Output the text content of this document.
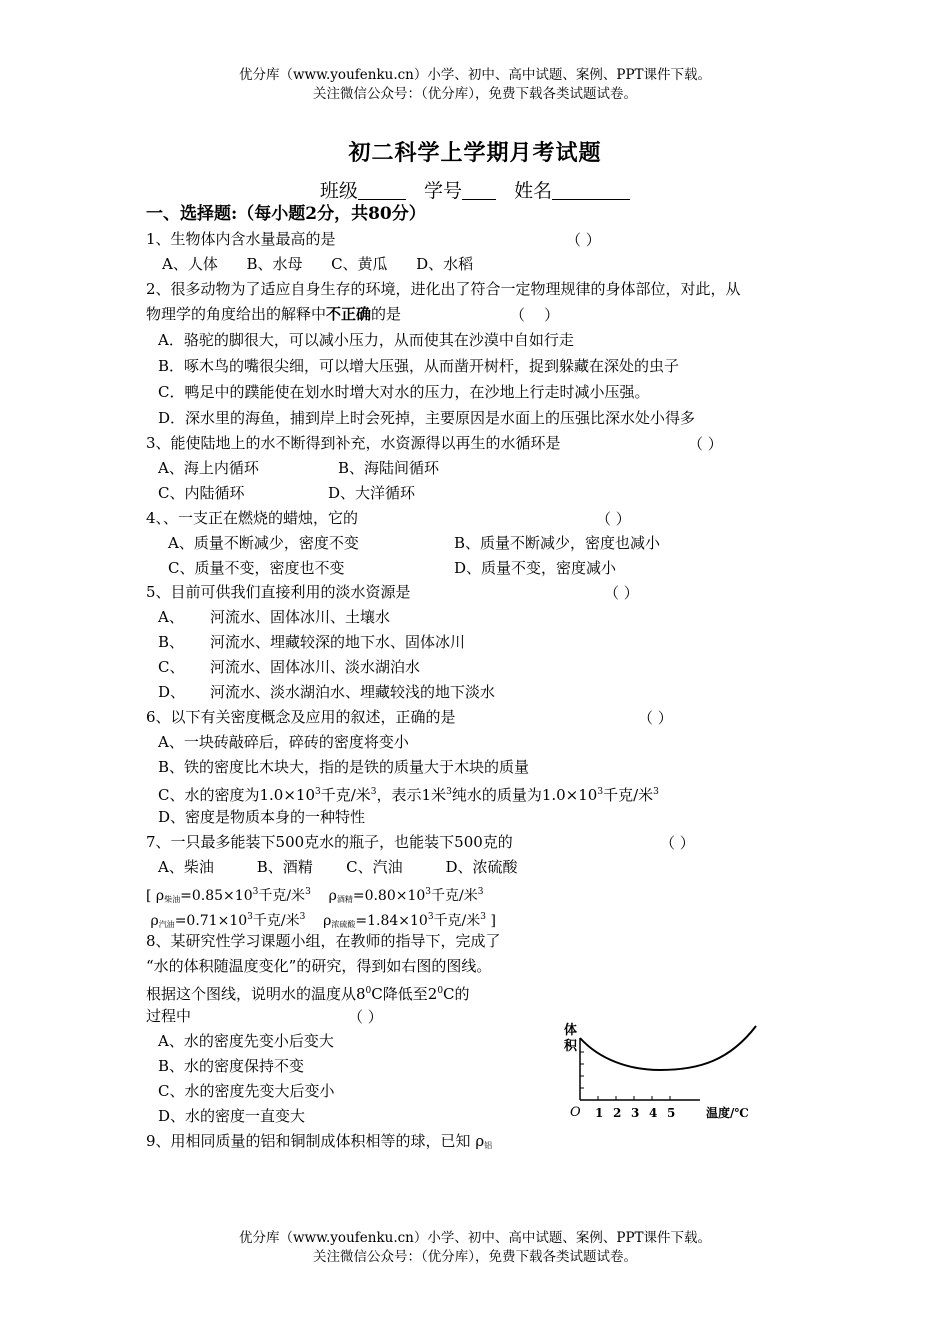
优分库（www.youfenku.cn）小学、初中、高中试题、案例、PPT课件下载。
关注微信公众号：（优分库），免费下载各类试题试卷。
初二科学上学期月考试题
班级	学号	姓名
一、选择题:（每小题2分，共80分）
1、生物体内含水量最高的是	（ ）
A、人体      B、水母      C、黄瓜      D、水稻
2、很多动物为了适应自身生存的环境，进化出了符合一定物理规律的身体部位，对此，从
物理学的角度给出的解释中不正确的是	（    ）
A．骆驼的脚很大，可以减小压力，从而使其在沙漠中自如行走
B．啄木鸟的嘴很尖细，可以增大压强，从而凿开树杆，捉到躲藏在深处的虫子
C．鸭足中的蹼能使在划水时增大对水的压力，在沙地上行走时减小压强。
D．深水里的海鱼，捕到岸上时会死掉，主要原因是水面上的压强比深水处小得多
3、能使陆地上的水不断得到补充，水资源得以再生的水循环是	（ ）
A、海上内循环	B、海陆间循环
C、内陆循环	D、大洋循环
4、、一支正在燃烧的蜡烛，它的	（ ）
A、质量不断减少，密度不变	B、质量不断减少，密度也减小
C、质量不变，密度也不变	D、质量不变，密度减小
5、目前可供我们直接利用的淡水资源是	（ ）
A、 河流水、固体冰川、土壤水
B、 河流水、埋藏较深的地下水、固体冰川
C、 河流水、固体冰川、淡水湖泊水
D、 河流水、淡水湖泊水、埋藏较浅的地下淡水
6、以下有关密度概念及应用的叙述，正确的是	（ ）
A、一块砖敲碎后，碎砖的密度将变小
B、铁的密度比木块大，指的是铁的质量大于木块的质量
C、水的密度为$1.0\times 10^3$千克/米$^3$，表示1米$^3$纯水的质量为$1.0\times 10^3$千克/米$^3$
D、密度是物质本身的一种特性
7、一只最多能装下500克水的瓶子，也能装下500克的	（ ）
A、柴油         B、酒精       C、汽油         D、浓硫酸
[ $\rho_{柴油}=0.85\times 10^3$千克/米$^3$ $\rho_{酒精}=0.80\times 10^3$千克/米$^3$
$\rho_{汽油}=0.71\times 10^3$千克/米$^3$ $\rho_{浓硫酸}=1.84\times 10^3$千克/米$^3$ ]
8、某研究性学习课题小组，在教师的指导下，完成了
“水的体积随温度变化”的研究，得到如右图的图线。
根据这个图线，说明水的温度从$8^0C$降低至$2^0C$的
过程中	（ ）
A、水的密度先变小后变大
B、水的密度保持不变
C、水的密度先变大后变小
D、水的密度一直变大
体
积
O 1 2 3 4 5	温度/℃
9、用相同质量的铝和铜制成体积相等的球，已知 $\rho_铝$
优分库（www.youfenku.cn）小学、初中、高中试题、案例、PPT课件下载。
关注微信公众号：（优分库），免费下载各类试题试卷。
